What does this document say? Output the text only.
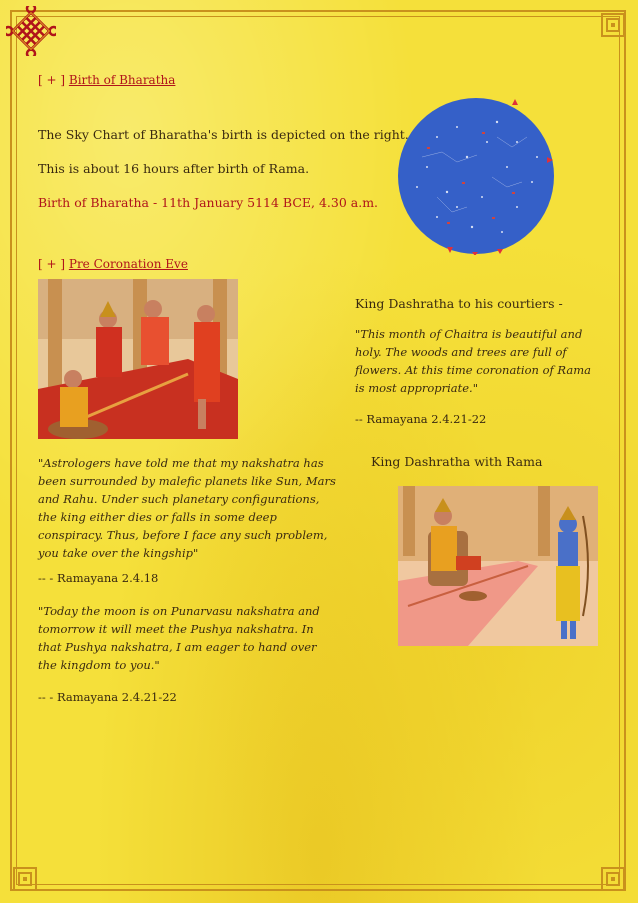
[ + ] Birth of Bharatha

The Sky Chart of Bharatha's birth is depicted on the right.

This is about 16 hours after birth of Rama.

Birth of Bharatha - 11th January 5114 BCE, 4.30 a.m.

[ + ] Pre Coronation Eve

King Dashratha to his courtiers -

"This month of Chaitra is beautiful and holy. The woods and trees are full of flowers. At this time coronation of Rama is most appropriate."

-- Ramayana 2.4.21-22

"Astrologers have told me that my nakshatra has been surrounded by malefic planets like Sun, Mars and Rahu. Under such planetary configurations, the king either dies or falls in some deep conspiracy. Thus, before I face any such problem, you take over the kingship"

-- - Ramayana 2.4.18

"Today the moon is on Punarvasu nakshatra and tomorrow it will meet the Pushya nakshatra. In that Pushya nakshatra, I am eager to hand over the kingdom to you."

-- - Ramayana 2.4.21-22

King Dashratha with Rama
